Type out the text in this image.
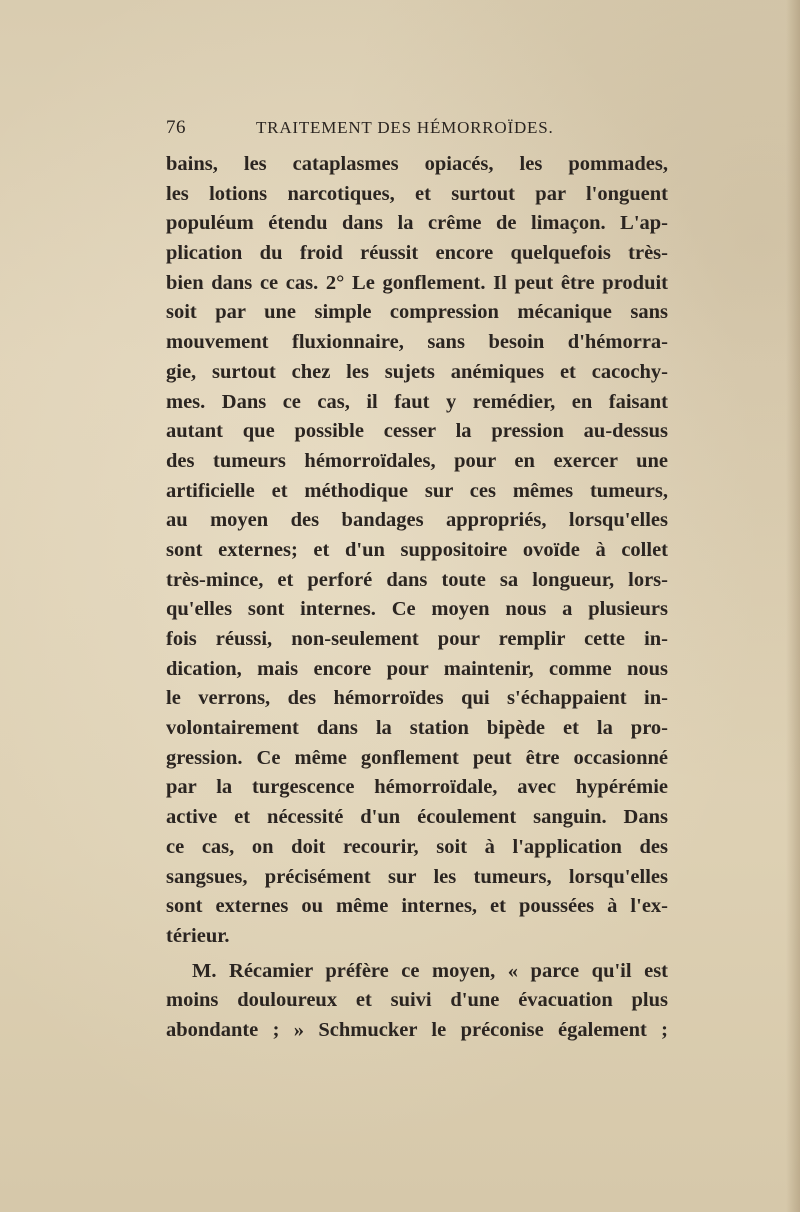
76	TRAITEMENT DES HÉMORROÏDES.
bains, les cataplasmes opiacés, les pommades,
les lotions narcotiques, et surtout par l'onguent
populéum étendu dans la crême de limaçon. L'ap-
plication du froid réussit encore quelquefois très-
bien dans ce cas. 2° Le gonflement. Il peut être produit
soit par une simple compression mécanique sans
mouvement fluxionnaire, sans besoin d'hémorra-
gie, surtout chez les sujets anémiques et cacochy-
mes. Dans ce cas, il faut y remédier, en faisant
autant que possible cesser la pression au-dessus
des tumeurs hémorroïdales, pour en exercer une
artificielle et méthodique sur ces mêmes tumeurs,
au moyen des bandages appropriés, lorsqu'elles
sont externes; et d'un suppositoire ovoïde à collet
très-mince, et perforé dans toute sa longueur, lors-
qu'elles sont internes. Ce moyen nous a plusieurs
fois réussi, non-seulement pour remplir cette in-
dication, mais encore pour maintenir, comme nous
le verrons, des hémorroïdes qui s'échappaient in-
volontairement dans la station bipède et la pro-
gression. Ce même gonflement peut être occasionné
par la turgescence hémorroïdale, avec hypérémie
active et nécessité d'un écoulement sanguin. Dans
ce cas, on doit recourir, soit à l'application des
sangsues, précisément sur les tumeurs, lorsqu'elles
sont externes ou même internes, et poussées à l'ex-
térieur.
M. Récamier préfère ce moyen, « parce qu'il est
moins douloureux et suivi d'une évacuation plus
abondante ; » Schmucker le préconise également ;
